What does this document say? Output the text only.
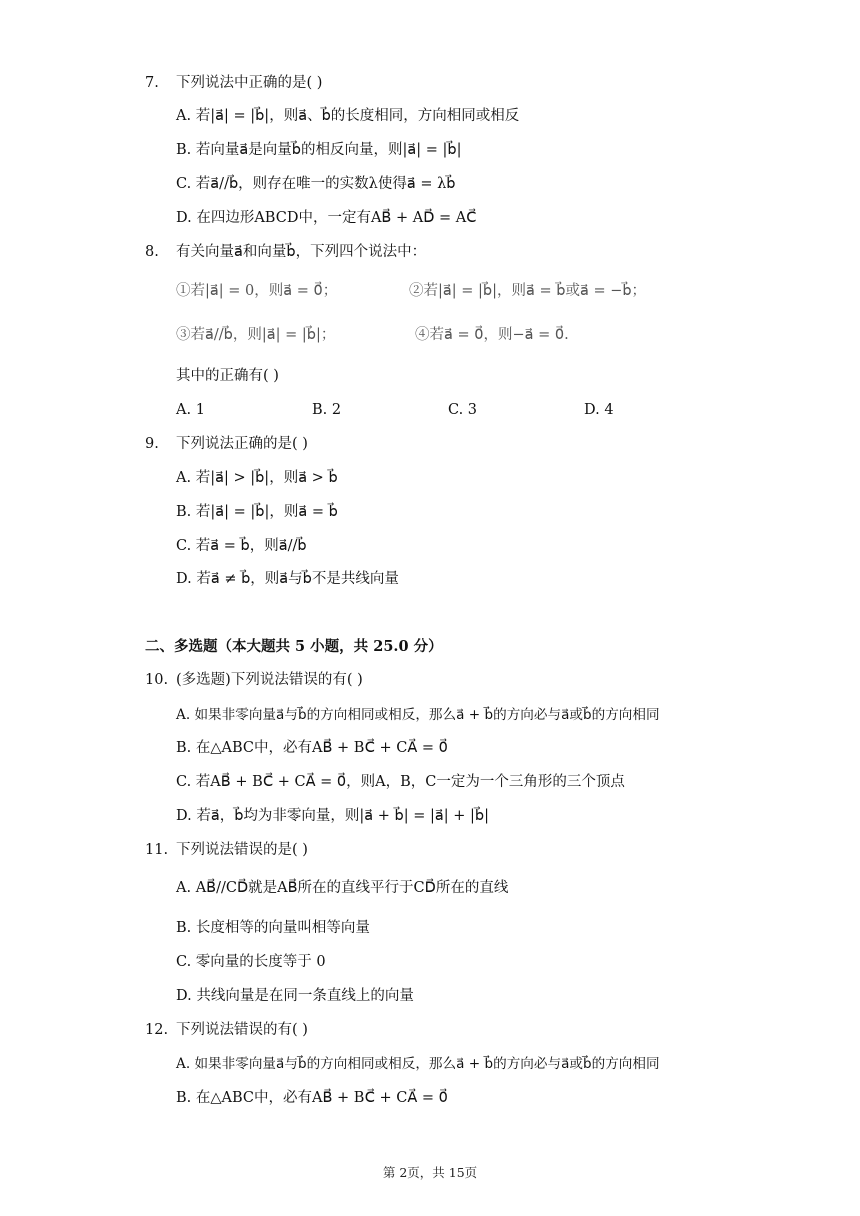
7. 下列说法中正确的是( )
A. 若|a⃗| = |b⃗|，则a⃗、b⃗的长度相同，方向相同或相反
B. 若向量a⃗是向量b⃗的相反向量，则|a⃗| = |b⃗|
C. 若a⃗//b⃗，则存在唯一的实数λ使得a⃗ = λb⃗
D. 在四边形ABCD中，一定有AB⃗ + AD⃗ = AC⃗
8. 有关向量a⃗和向量b⃗，下列四个说法中：
①若|a⃗| = 0，则a⃗ = 0⃗；	②若|a⃗| = |b⃗|，则a⃗ = b⃗或a⃗ = −b⃗；
③若a⃗//b⃗，则|a⃗| = |b⃗|；	④若a⃗ = 0⃗，则−a⃗ = 0⃗.
其中的正确有( )
A. 1	B. 2	C. 3	D. 4
9. 下列说法正确的是( )
A. 若|a⃗| > |b⃗|，则a⃗ > b⃗
B. 若|a⃗| = |b⃗|，则a⃗ = b⃗
C. 若a⃗ = b⃗，则a⃗//b⃗
D. 若a⃗ ≠ b⃗，则a⃗与b⃗不是共线向量
二、多选题（本大题共 5 小题，共 25.0 分）
10. (多选题)下列说法错误的有( )
A. 如果非零向量a⃗与b⃗的方向相同或相反，那么a⃗ + b⃗的方向必与a⃗或b⃗的方向相同
B. 在△ABC中，必有AB⃗ + BC⃗ + CA⃗ = 0⃗
C. 若AB⃗ + BC⃗ + CA⃗ = 0⃗，则A，B，C一定为一个三角形的三个顶点
D. 若a⃗，b⃗均为非零向量，则|a⃗ + b⃗| = |a⃗| + |b⃗|
11. 下列说法错误的是( )
A. AB⃗//CD⃗就是AB⃗所在的直线平行于CD⃗所在的直线
B. 长度相等的向量叫相等向量
C. 零向量的长度等于 0
D. 共线向量是在同一条直线上的向量
12. 下列说法错误的有( )
A. 如果非零向量a⃗与b⃗的方向相同或相反，那么a⃗ + b⃗的方向必与a⃗或b⃗的方向相同
B. 在△ABC中，必有AB⃗ + BC⃗ + CA⃗ = 0⃗
第 2页，共 15页
